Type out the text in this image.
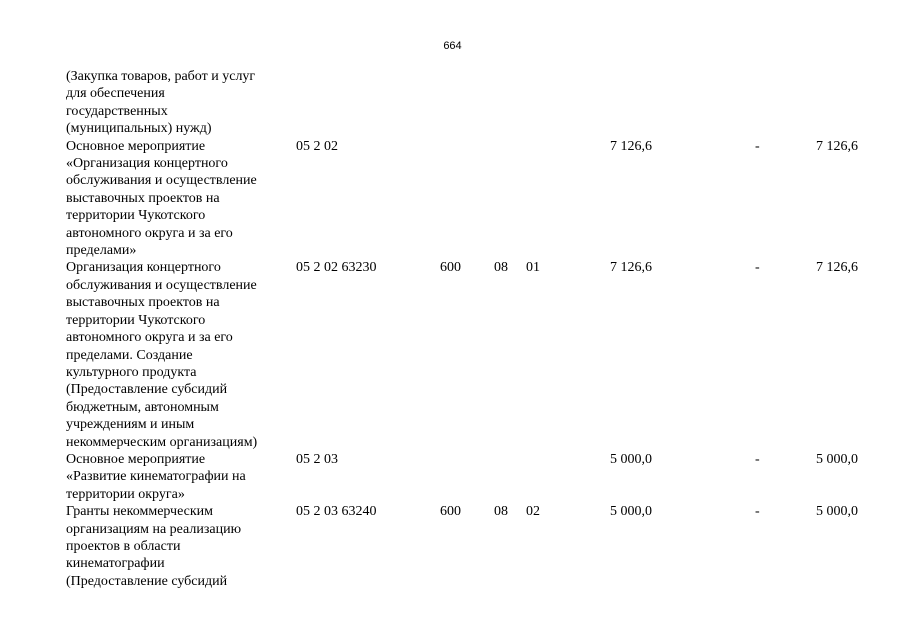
664
(Закупка товаров, работ и услуг
для обеспечения
государственных
(муниципальных) нужд)
Основное мероприятие
«Организация концертного
обслуживания и осуществление
выставочных проектов на
территории Чукотского
автономного округа и за его
пределами»
05 2 02	7 126,6	-	7 126,6
Организация концертного
обслуживания и осуществление
выставочных проектов на
территории Чукотского
автономного округа и за его
пределами. Создание
культурного продукта
(Предоставление субсидий
бюджетным, автономным
учреждениям и иным
некоммерческим организациям)
05 2 02 63230	600 08 01	7 126,6	-	7 126,6
Основное мероприятие
«Развитие кинематографии на
территории округа»
05 2 03	5 000,0	-	5 000,0
Гранты некоммерческим
организациям на реализацию
проектов в области
кинематографии
(Предоставление субсидий
05 2 03 63240	600 08 02	5 000,0	-	5 000,0
